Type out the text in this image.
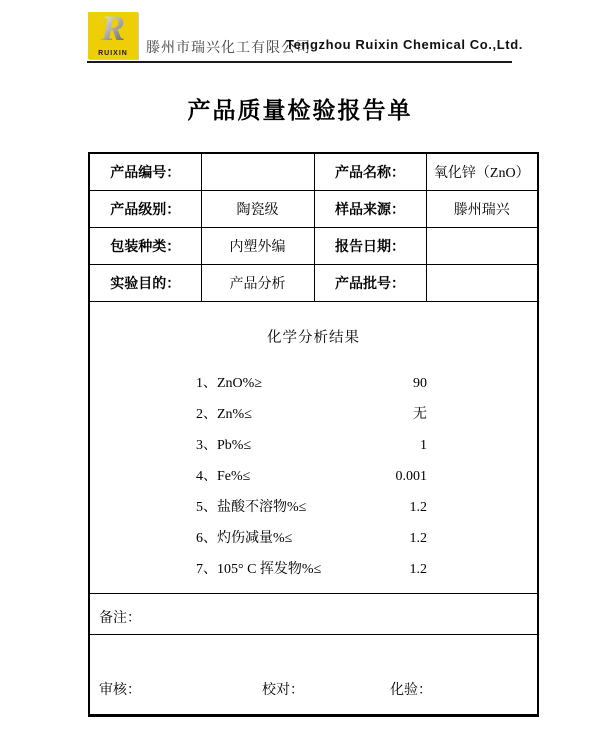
R
RUIXIN	滕州市瑞兴化工有限公司
Tengzhou Ruixin Chemical Co.,Ltd.
产品质量检验报告单
产品编号：		产品名称：	氧化锌（ZnO）
产品级别：	陶瓷级	样品来源：	滕州瑞兴
包装种类：	内塑外编	报告日期：	
实验目的：	产品分析	产品批号：	

化学分析结果
1、ZnO%≥	90
2、Zn%≤	无
3、Pb%≤	1
4、Fe%≤	0.001
5、盐酸不溶物%≤	1.2
6、灼伤减量%≤	1.2
7、105° C 挥发物%≤	1.2

备注：			

审核： 校对： 化验：			
